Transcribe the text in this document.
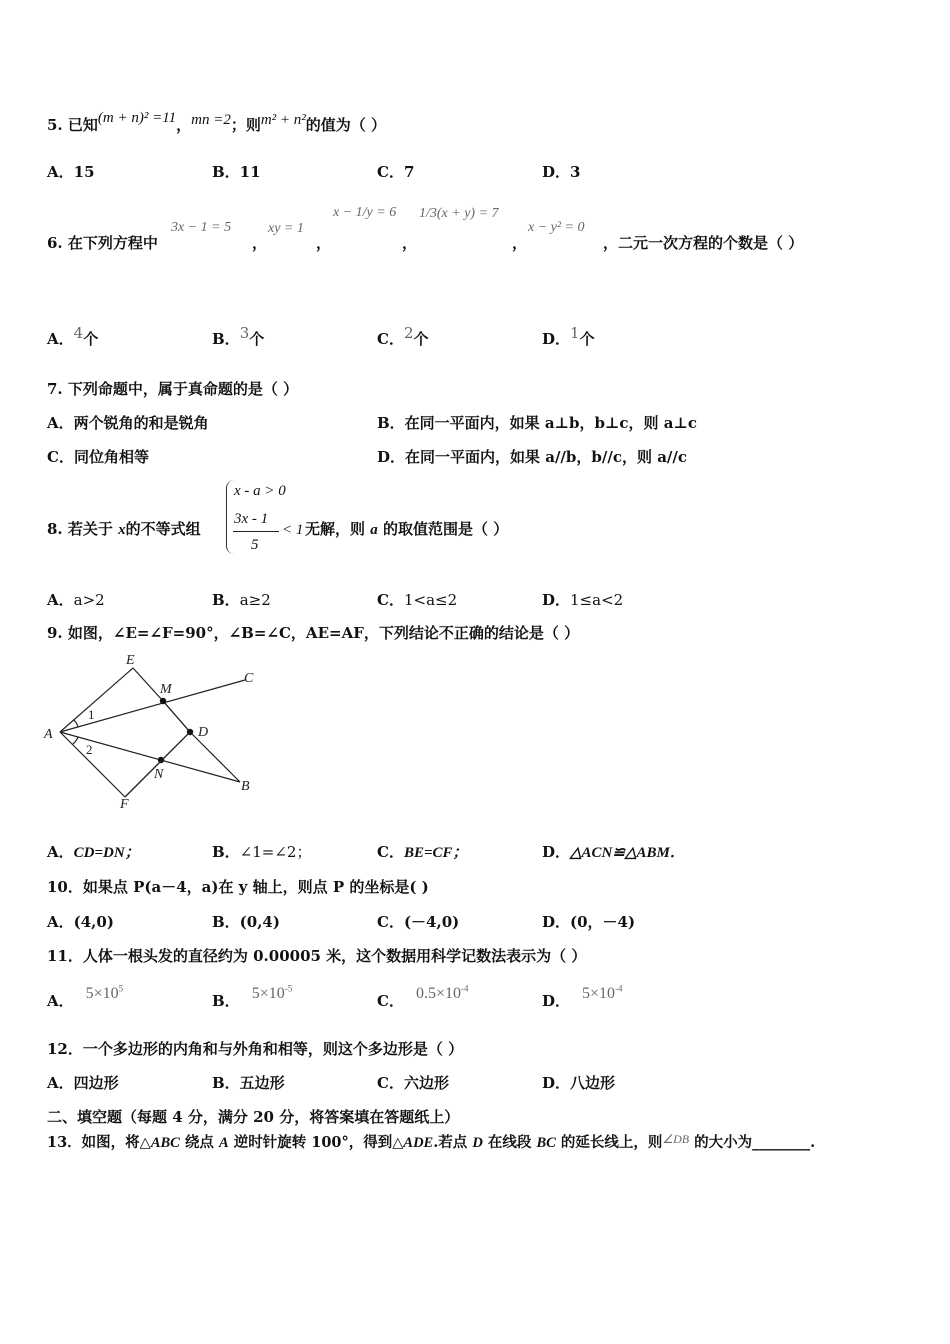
5. 已知(m + n)² =11，mn =2；则m² + n²的值为（ ）
A．15	B．11	C．7	D．3
6. 在下列方程中
3x − 1 = 5
，
xy = 1
，
x − 1/y = 6
，
1/3(x + y) = 7
，
x − y² = 0
，二元一次方程的个数是（ ）
A．4个	B．3个	C．2个	D．1个
7. 下列命题中，属于真命题的是（ ）
A．两个锐角的和是锐角	B．在同一平面内，如果 a⊥b，b⊥c，则 a⊥c
C．同位角相等	D．在同一平面内，如果 a//b，b//c，则 a//c
8. 若关于 x的不等式组
x - a > 0
3x - 1
5
< 1 无解，则 a 的取值范围是（ ）
A．a>2	B．a≥2	C．1<a≤2	D．1≤a<2
9. 如图，∠E=∠F=90°，∠B=∠C，AE=AF，下列结论不正确的结论是（ ）
A
E
M
C
D
N
F
B
1
2
A．CD=DN；	B．∠1=∠2；	C．BE=CF；	D．△ACN≌△ABM．
10．如果点 P(a－4，a)在 y 轴上，则点 P 的坐标是( )
A．(4,0)	B．(0,4)	C．(－4,0)	D．(0，－4)
11．人体一根头发的直径约为 0.00005 米，这个数据用科学记数法表示为（ ）
A． $5\times 10^5$
B． $5\times 10^{-5}$
C． $0.5\times 10^{-4}$
D． $5\times 10^{-4}$
12．一个多边形的内角和与外角和相等，则这个多边形是（ ）
A．四边形	B．五边形	C．六边形	D．八边形
二、填空题（每题 4 分，满分 20 分，将答案填在答题纸上）
13．如图，将△ABC 绕点 A 逆时针旋转 100°，得到△ADE.若点 D 在线段 BC 的延长线上，则$^{\angle DB}$ 的大小为________.
